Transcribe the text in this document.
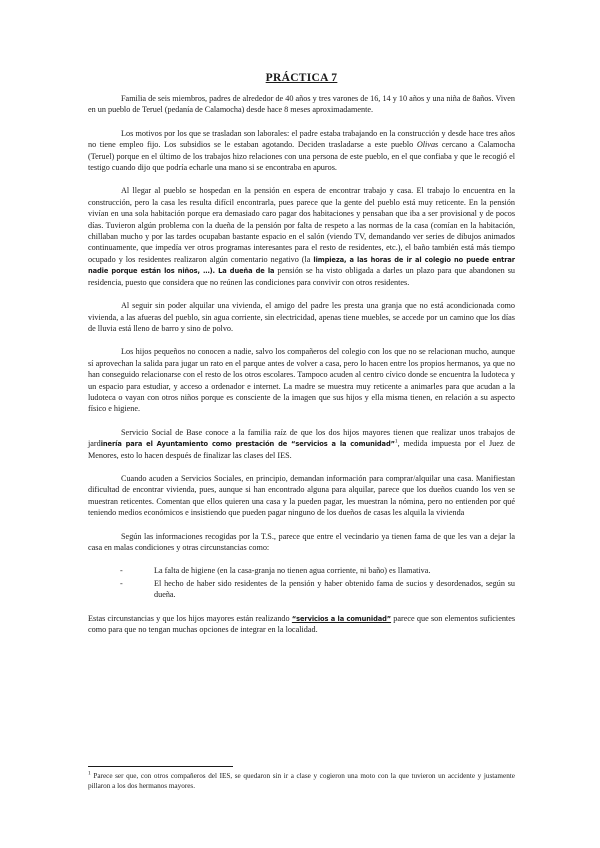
PRÁCTICA 7

Familia de seis miembros, padres de alrededor de 40 años y tres varones de 16, 14 y 10 años y una niña de 8años. Viven en un pueblo de Teruel (pedanía de Calamocha) desde hace 8 meses aproximadamente.

Los motivos por los que se trasladan son laborales: el padre estaba trabajando en la construcción y desde hace tres años no tiene empleo fijo. Los subsidios se le estaban agotando. Deciden trasladarse a este pueblo Olivas cercano a Calamocha (Teruel) porque en el último de los trabajos hizo relaciones con una persona de este pueblo, en el que confiaba y que le recogió el testigo cuando dijo que podría echarle una mano si se encontraba en apuros.

Al llegar al pueblo se hospedan en la pensión en espera de encontrar trabajo y casa. El trabajo lo encuentra en la construcción, pero la casa les resulta difícil encontrarla, pues parece que la gente del pueblo está muy reticente. En la pensión vivían en una sola habitación porque era demasiado caro pagar dos habitaciones y pensaban que iba a ser provisional y de pocos días. Tuvieron algún problema con la dueña de la pensión por falta de respeto a las normas de la casa (comían en la habitación, chillaban mucho y por las tardes ocupaban bastante espacio en el salón (viendo TV, demandando ver series de dibujos animados continuamente, que impedía ver otros programas interesantes para el resto de residentes, etc.), el baño también está más tiempo ocupado y los residentes realizaron algún comentario negativo (la limpieza, a las horas de ir al colegio no puede entrar nadie porque están los niños, …). La dueña de la pensión se ha visto obligada a darles un plazo para que abandonen su residencia, puesto que considera que no reúnen las condiciones para convivir con otros residentes.

Al seguir sin poder alquilar una vivienda, el amigo del padre les presta una granja que no está acondicionada como vivienda, a las afueras del pueblo, sin agua corriente, sin electricidad, apenas tiene muebles, se accede por un camino que los días de lluvia está lleno de barro y sino de polvo.

Los hijos pequeños no conocen a nadie, salvo los compañeros del colegio con los que no se relacionan mucho, aunque sí aprovechan la salida para jugar un rato en el parque antes de volver a casa, pero lo hacen entre los propios hermanos, ya que no han conseguido relacionarse con el resto de los otros escolares. Tampoco acuden al centro cívico donde se encuentra la ludoteca y un espacio para estudiar, y acceso a ordenador e internet. La madre se muestra muy reticente a animarles para que acudan a la ludoteca o vayan con otros niños porque es consciente de la imagen que sus hijos y ella misma tienen, en relación a su aspecto físico e higiene.

Servicio Social de Base conoce a la familia raíz de que los dos hijos mayores tienen que realizar unos trabajos de jardinería para el Ayuntamiento como prestación de “servicios a la comunidad”$^1$, medida impuesta por el Juez de Menores, esto lo hacen después de finalizar las clases del IES.

Cuando acuden a Servicios Sociales, en principio, demandan información para comprar/alquilar una casa. Manifiestan dificultad de encontrar vivienda, pues, aunque si han encontrado alguna para alquilar, parece que los dueños cuando los ven se muestran reticentes. Comentan que ellos quieren una casa y la pueden pagar, les muestran la nómina, pero no entienden por qué teniendo medios económicos e insistiendo que pueden pagar ninguno de los dueños de casas les alquila la vivienda

Según las informaciones recogidas por la T.S., parece que entre el vecindario ya tienen fama de que les van a dejar la casa en malas condiciones y otras circunstancias como:

-	La falta de higiene (en la casa-granja no tienen agua corriente, ni baño) es llamativa.
-	El hecho de haber sido residentes de la pensión y haber obtenido fama de sucios y desordenados, según su dueña.

Estas circunstancias y que los hijos mayores están realizando “servicios a la comunidad” parece que son elementos suficientes como para que no tengan muchas opciones de integrar en la localidad.

$^1$ Parece ser que, con otros compañeros del IES, se quedaron sin ir a clase y cogieron una moto con la que tuvieron un accidente y justamente pillaron a los dos hermanos mayores.
